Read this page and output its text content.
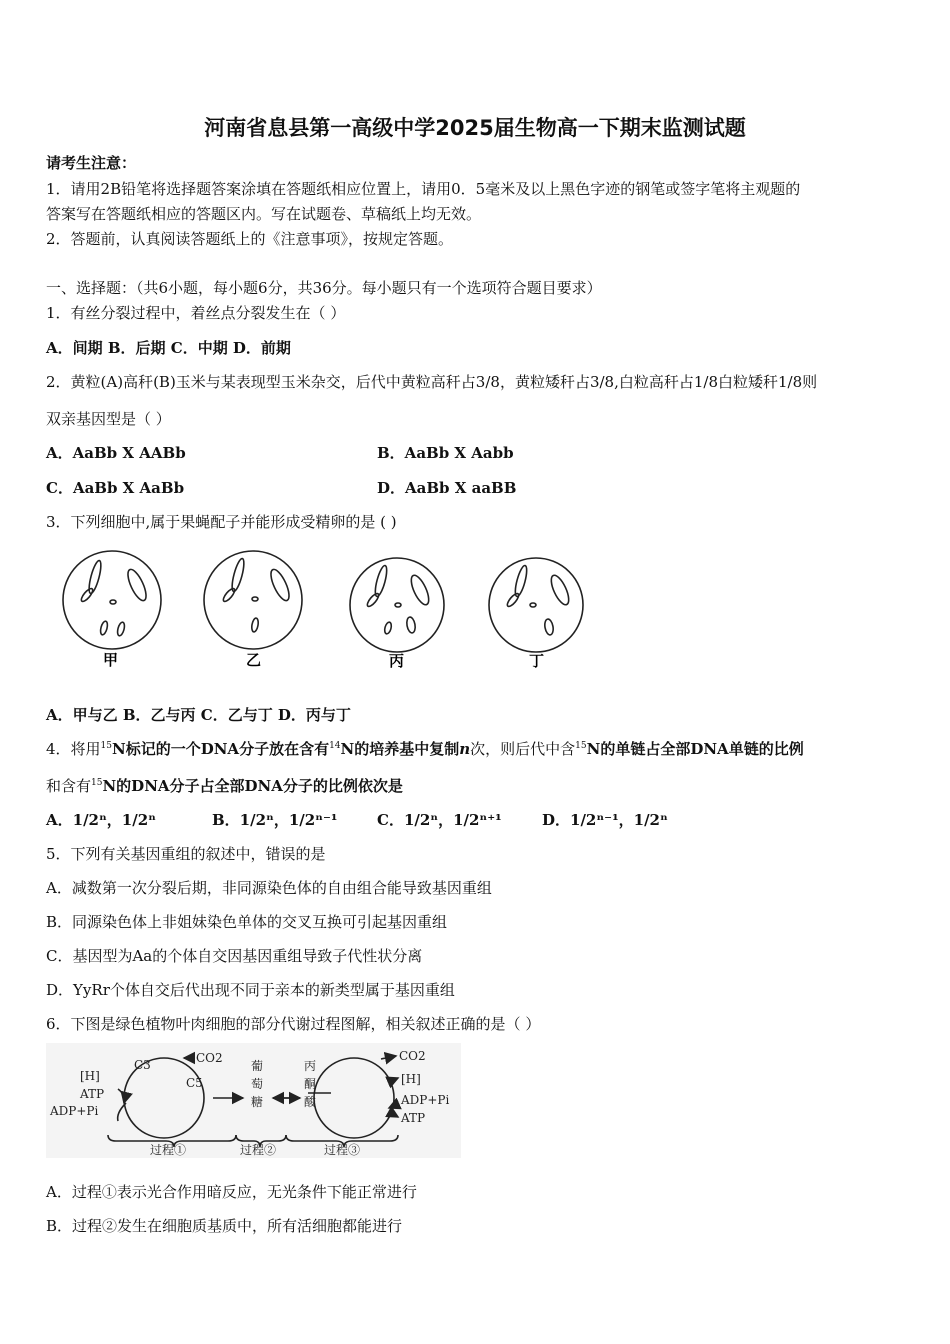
河南省息县第一高级中学2025届生物高一下期末监测试题
请考生注意：
1．请用2B铅笔将选择题答案涂填在答题纸相应位置上，请用0．5毫米及以上黑色字迹的钢笔或签字笔将主观题的
答案写在答题纸相应的答题区内。写在试题卷、草稿纸上均无效。
2．答题前，认真阅读答题纸上的《注意事项》，按规定答题。
一、选择题：（共6小题，每小题6分，共36分。每小题只有一个选项符合题目要求）
1．有丝分裂过程中，着丝点分裂发生在（ ）
A．间期 B．后期 C．中期 D．前期
2．黄粒(A)高秆(B)玉米与某表现型玉米杂交，后代中黄粒高秆占3/8，黄粒矮秆占3/8,白粒高秆占1/8白粒矮秆1/8则
双亲基因型是（ ）
A．AaBb X AABb	B．AaBb X Aabb
C．AaBb X AaBb	D．AaBb X aaBB
3．下列细胞中,属于果蝇配子并能形成受精卵的是 ( )
甲	乙	丙	丁
A．甲与乙 B．乙与丙 C．乙与丁 D．丙与丁
4．将用$^{15}$N标记的一个DNA分子放在含有$^{14}$N的培养基中复制n次，则后代中含$^{15}$N的单链占全部DNA单链的比例
和含有$^{15}$N的DNA分子占全部DNA分子的比例依次是
A．1/2ⁿ，1/2ⁿ	B．1/2ⁿ，1/2ⁿ⁻¹	C．1/2ⁿ，1/2ⁿ⁺¹	D．1/2ⁿ⁻¹，1/2ⁿ
5．下列有关基因重组的叙述中，错误的是
A．减数第一次分裂后期，非同源染色体的自由组合能导致基因重组
B．同源染色体上非姐妹染色单体的交叉互换可引起基因重组
C．基因型为Aa的个体自交因基因重组导致子代性状分离
D．YyRr个体自交后代出现不同于亲本的新类型属于基因重组
6．下图是绿色植物叶肉细胞的部分代谢过程图解，相关叙述正确的是（ ）
CO2
C3
C5
[H]
ATP
ADP+Pi
葡
萄
糖
丙
酮
酸
CO2
[H]
ADP+Pi
ATP
过程①	过程②	过程③
A．过程①表示光合作用暗反应，无光条件下能正常进行
B．过程②发生在细胞质基质中，所有活细胞都能进行
